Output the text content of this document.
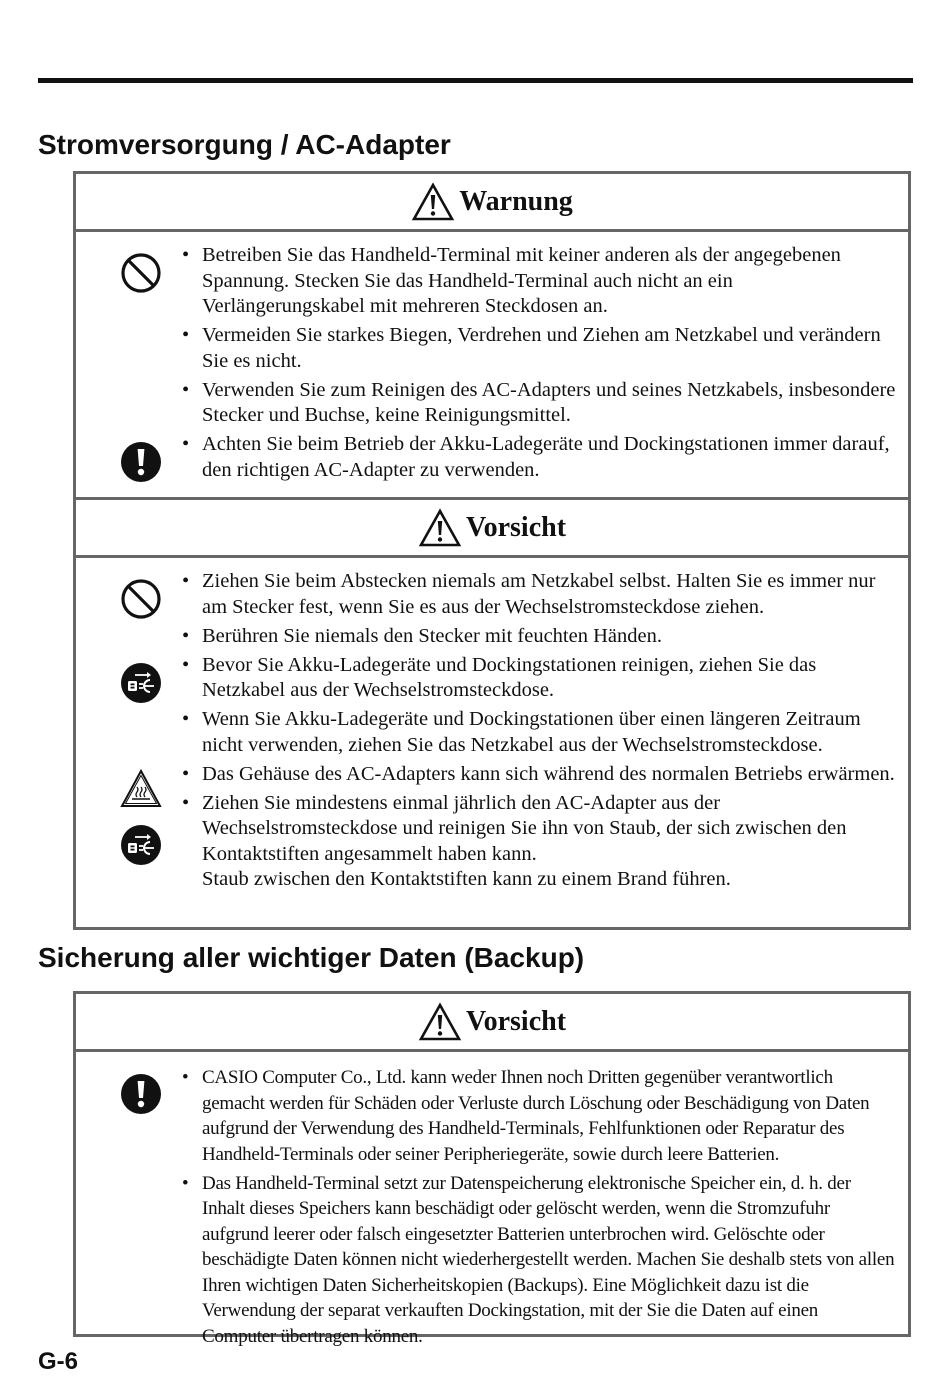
Stromversorgung / AC-Adapter
Warnung
• Betreiben Sie das Handheld-Terminal mit keiner anderen als der angegebenen Spannung. Stecken Sie das Handheld-Terminal auch nicht an ein Verlängerungskabel mit mehreren Steckdosen an.
• Vermeiden Sie starkes Biegen, Verdrehen und Ziehen am Netzkabel und verändern Sie es nicht.
• Verwenden Sie zum Reinigen des AC-Adapters und seines Netzkabels, insbesondere Stecker und Buchse, keine Reinigungsmittel.
• Achten Sie beim Betrieb der Akku-Ladegeräte und Dockingstationen immer darauf, den richtigen AC-Adapter zu verwenden.
Vorsicht
• Ziehen Sie beim Abstecken niemals am Netzkabel selbst. Halten Sie es immer nur am Stecker fest, wenn Sie es aus der Wechselstromsteckdose ziehen.
• Berühren Sie niemals den Stecker mit feuchten Händen.
• Bevor Sie Akku-Ladegeräte und Dockingstationen reinigen, ziehen Sie das Netzkabel aus der Wechselstromsteckdose.
• Wenn Sie Akku-Ladegeräte und Dockingstationen über einen längeren Zeitraum nicht verwenden, ziehen Sie das Netzkabel aus der Wechselstromsteckdose.
• Das Gehäuse des AC-Adapters kann sich während des normalen Betriebs erwärmen.
• Ziehen Sie mindestens einmal jährlich den AC-Adapter aus der Wechselstromsteckdose und reinigen Sie ihn von Staub, der sich zwischen den Kontaktstiften angesammelt haben kann.
Staub zwischen den Kontaktstiften kann zu einem Brand führen.
Sicherung aller wichtiger Daten (Backup)
Vorsicht
• CASIO Computer Co., Ltd. kann weder Ihnen noch Dritten gegenüber verantwortlich gemacht werden für Schäden oder Verluste durch Löschung oder Beschädigung von Daten aufgrund der Verwendung des Handheld-Terminals, Fehlfunktionen oder Reparatur des Handheld-Terminals oder seiner Peripheriegeräte, sowie durch leere Batterien.
• Das Handheld-Terminal setzt zur Datenspeicherung elektronische Speicher ein, d. h. der Inhalt dieses Speichers kann beschädigt oder gelöscht werden, wenn die Stromzufuhr aufgrund leerer oder falsch eingesetzter Batterien unterbrochen wird. Gelöschte oder beschädigte Daten können nicht wiederhergestellt werden. Machen Sie deshalb stets von allen Ihren wichtigen Daten Sicherheitskopien (Backups). Eine Möglichkeit dazu ist die Verwendung der separat verkauften Dockingstation, mit der Sie die Daten auf einen Computer übertragen können.

G-6
